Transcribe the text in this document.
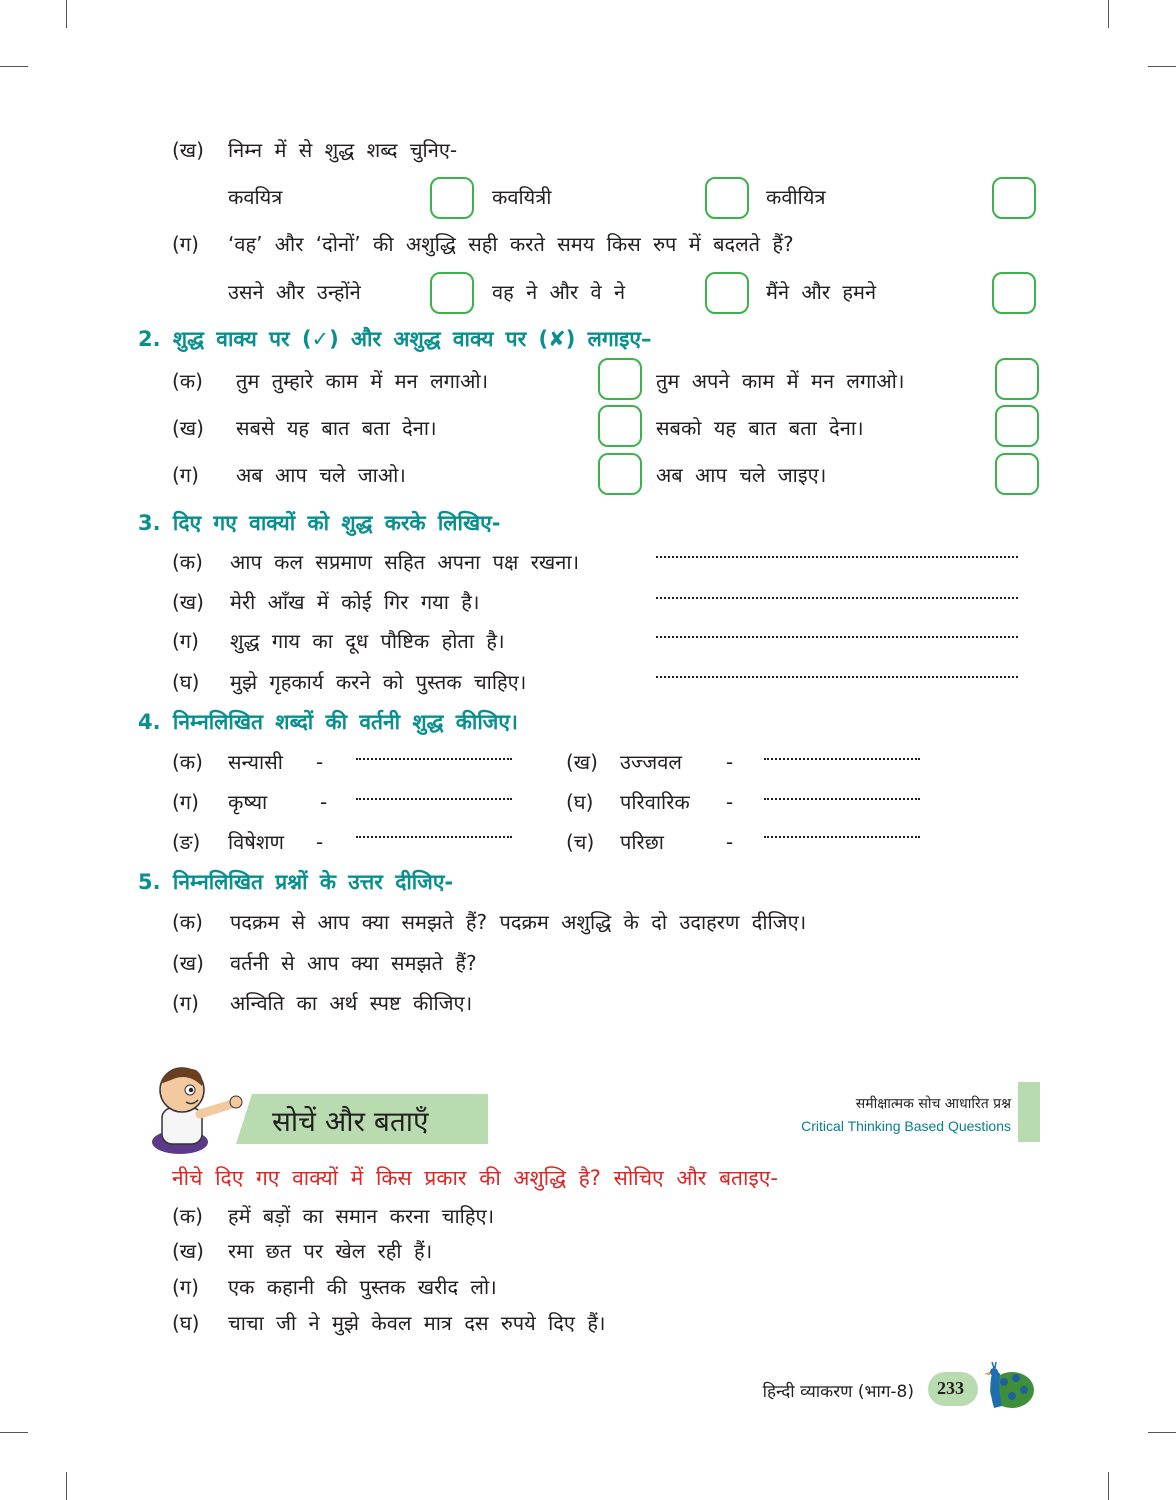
(ख) निम्न में से शुद्ध शब्द चुनिए-
कवयित्र	कवयित्री	कवीयित्र
(ग) ‘वह’ और ‘दोनों’ की अशुद्धि सही करते समय किस रुप में बदलते हैं?
उसने और उन्होंने	वह ने और वे ने	मैंने और हमने
2. शुद्ध वाक्य पर (✓) और अशुद्ध वाक्य पर (✘) लगाइए–
(क) तुम तुम्हारे काम में मन लगाओ।	तुम अपने काम में मन लगाओ।
(ख) सबसे यह बात बता देना।	सबको यह बात बता देना।
(ग) अब आप चले जाओ।	अब आप चले जाइए।
3. दिए गए वाक्यों को शुद्ध करके लिखिए-
(क) आप कल सप्रमाण सहित अपना पक्ष रखना।
(ख) मेरी आँख में कोई गिर गया है।
(ग) शुद्ध गाय का दूध पौष्टिक होता है।
(घ) मुझे गृहकार्य करने को पुस्तक चाहिए।
4. निम्नलिखित शब्दों की वर्तनी शुद्ध कीजिए।
(क) सन्यासी -	(ख) उज्जवल -
(ग) कृष्या	-	(घ) परिवारिक -
(ङ) विषेशण -	(च) परिछा	-
5. निम्नलिखित प्रश्नों के उत्तर दीजिए-
(क) पदक्रम से आप क्या समझते हैं? पदक्रम अशुद्धि के दो उदाहरण दीजिए।
(ख) वर्तनी से आप क्या समझते हैं?
(ग) अन्विति का अर्थ स्पष्ट कीजिए।
सोचें और बताएँ
समीक्षात्मक सोच आधारित प्रश्न
Critical Thinking Based Questions
नीचे दिए गए वाक्यों में किस प्रकार की अशुद्धि है? सोचिए और बताइए-
(क) हमें बड़ों का समान करना चाहिए।
(ख) रमा छत पर खेल रही हैं।
(ग) एक कहानी की पुस्तक खरीद लो।
(घ) चाचा जी ने मुझे केवल मात्र दस रुपये दिए हैं।
हिन्दी व्याकरण (भाग-8) 233
